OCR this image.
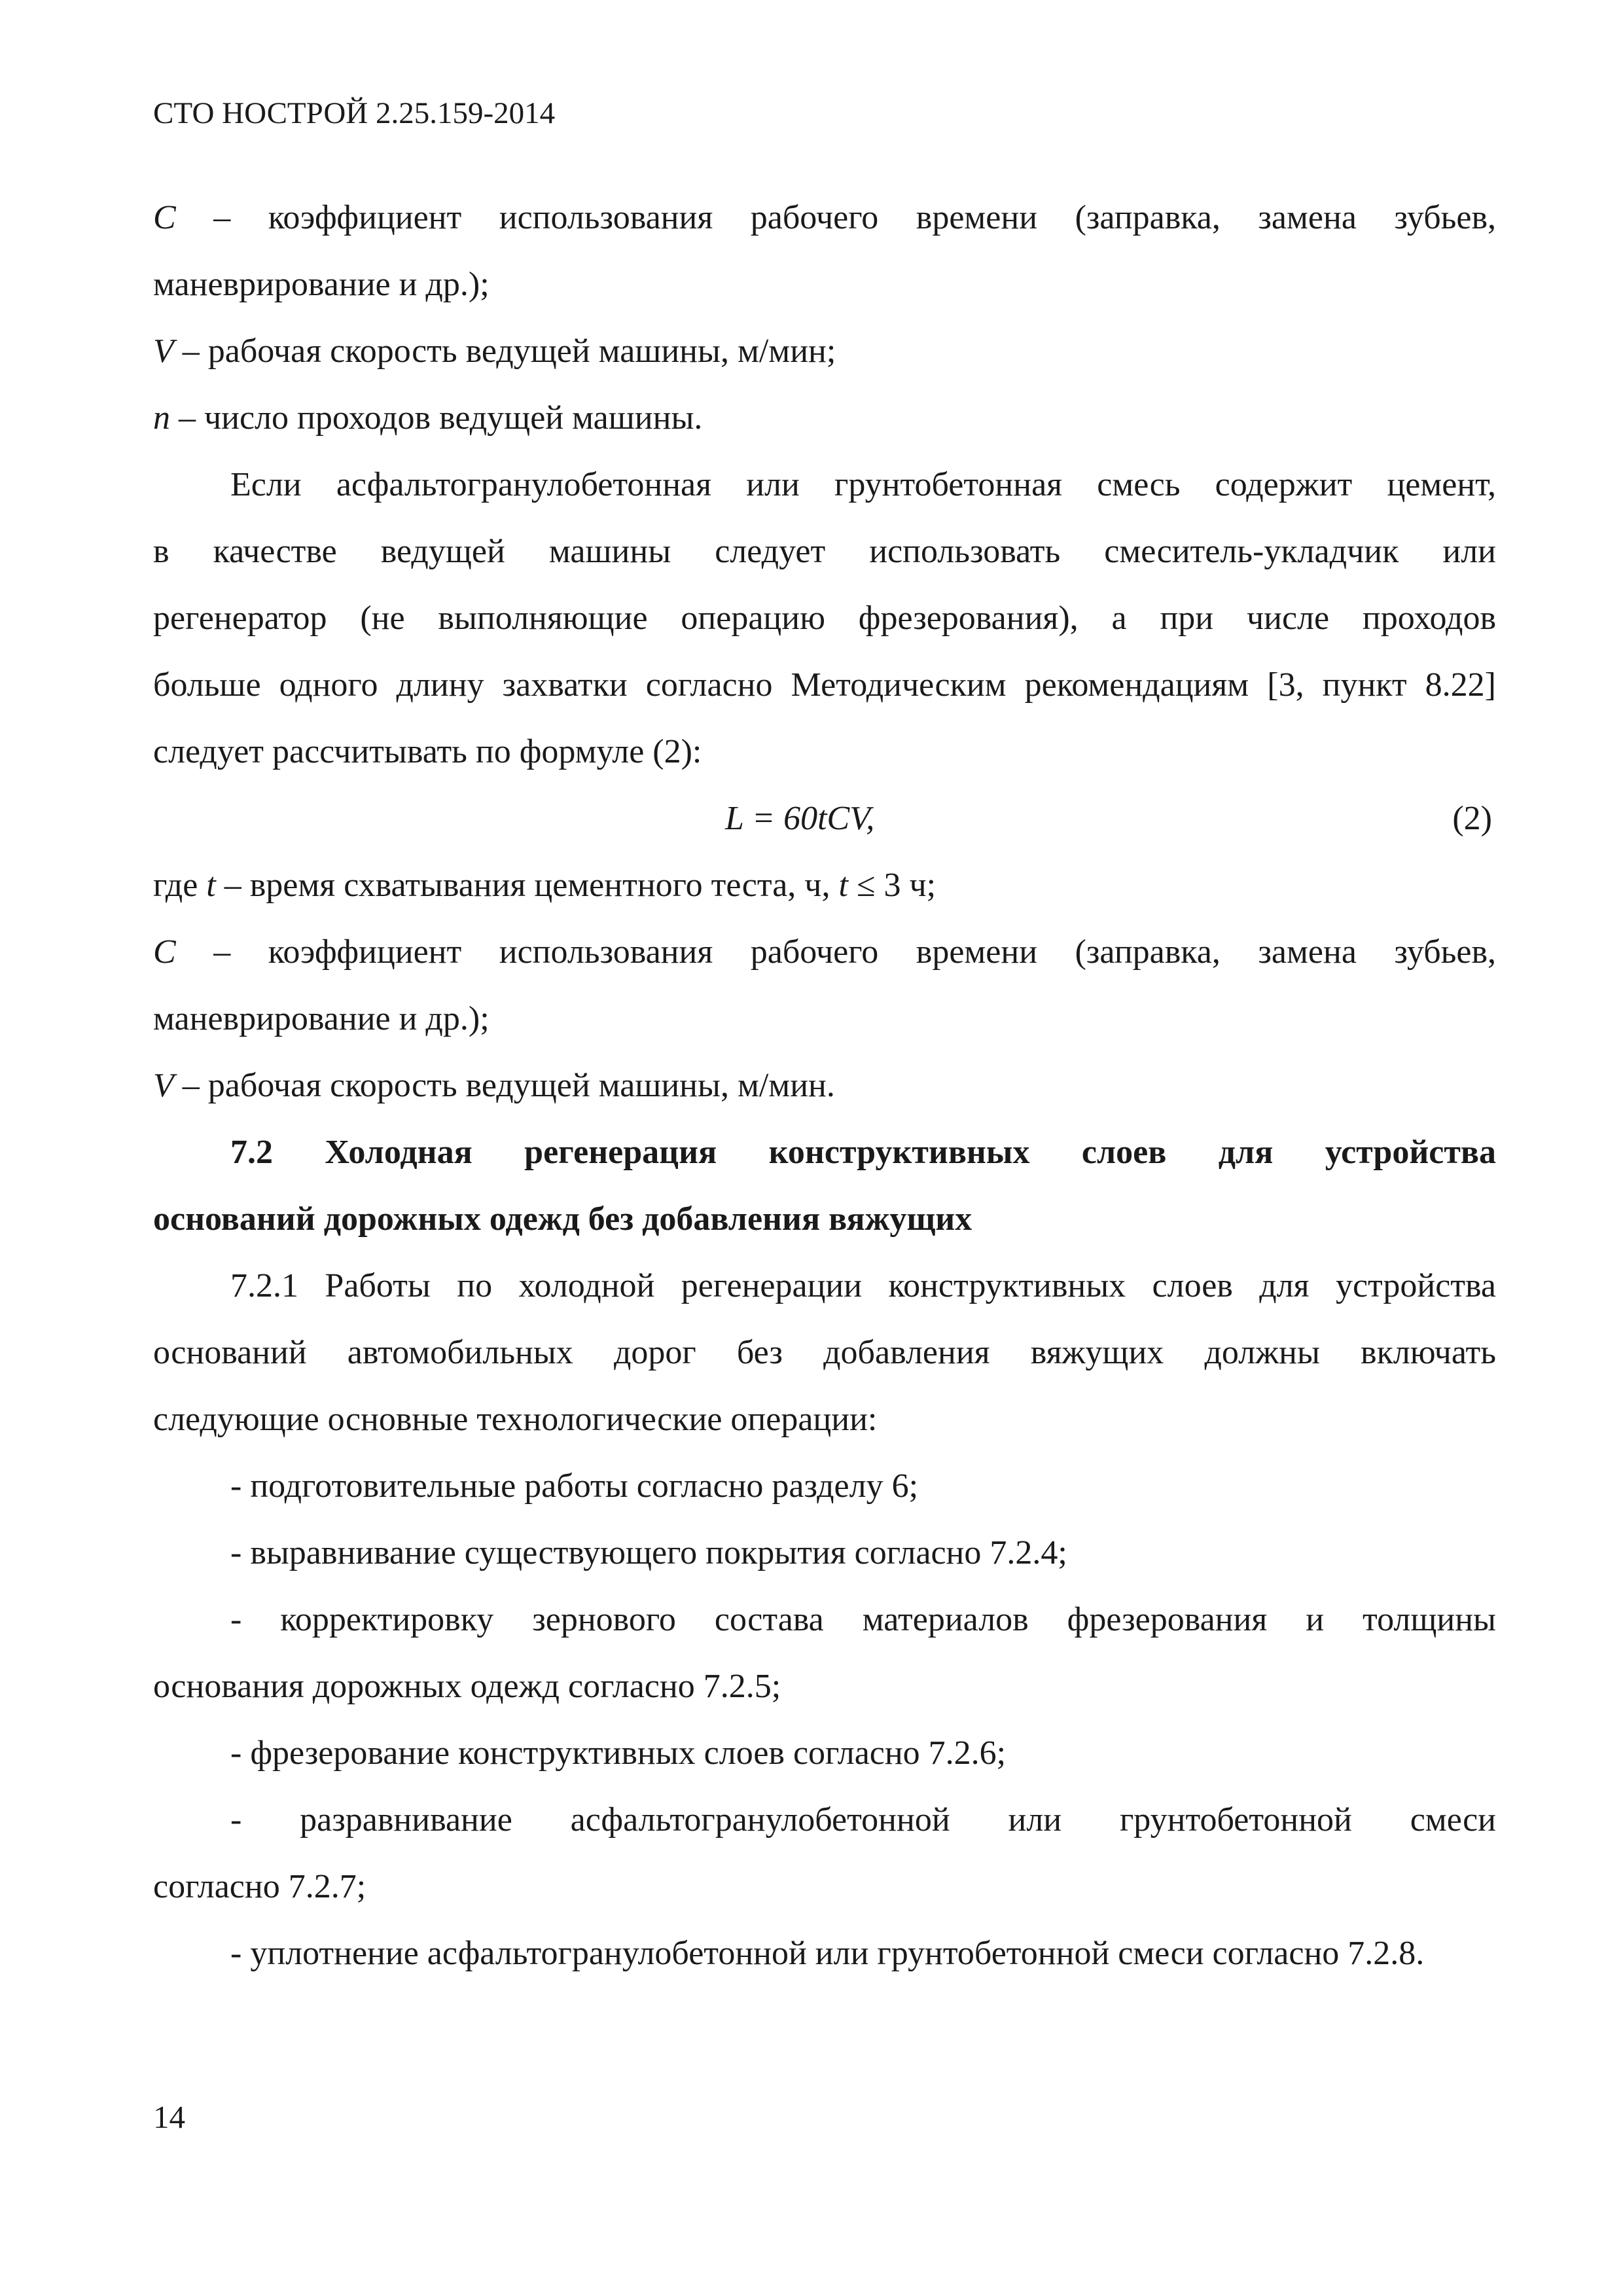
СТО НОСТРОЙ 2.25.159-2014
C – коэффициент использования рабочего времени (заправка, замена зубьев,
маневрирование и др.);
V – рабочая скорость ведущей машины, м/мин;
n – число проходов ведущей машины.
Если асфальтогранулобетонная или грунтобетонная смесь содержит цемент,
в качестве ведущей машины следует использовать смеситель-укладчик или
регенератор (не выполняющие операцию фрезерования), а при числе проходов
больше одного длину захватки согласно Методическим рекомендациям [3, пункт 8.22]
следует рассчитывать по формуле (2):
L = 60tCV,	(2)
где t – время схватывания цементного теста, ч, t ≤ 3 ч;
C – коэффициент использования рабочего времени (заправка, замена зубьев,
маневрирование и др.);
V – рабочая скорость ведущей машины, м/мин.
7.2 Холодная регенерация конструктивных слоев для устройства
оснований дорожных одежд без добавления вяжущих
7.2.1 Работы по холодной регенерации конструктивных слоев для устройства
оснований автомобильных дорог без добавления вяжущих должны включать
следующие основные технологические операции:
- подготовительные работы согласно разделу 6;
- выравнивание существующего покрытия согласно 7.2.4;
- корректировку зернового состава материалов фрезерования и толщины
основания дорожных одежд согласно 7.2.5;
- фрезерование конструктивных слоев согласно 7.2.6;
- разравнивание асфальтогранулобетонной или грунтобетонной смеси
согласно 7.2.7;
- уплотнение асфальтогранулобетонной или грунтобетонной смеси согласно 7.2.8.
14
